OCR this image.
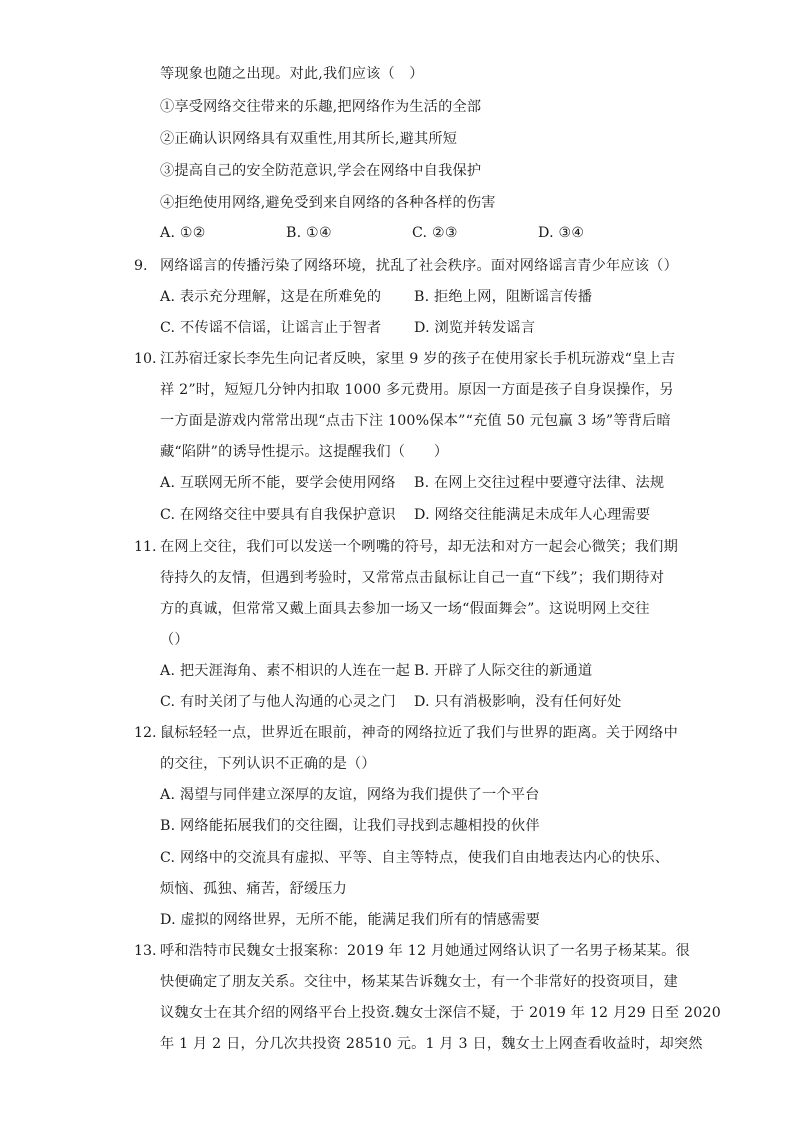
等现象也随之出现。对此,我们应该（　）
①享受网络交往带来的乐趣,把网络作为生活的全部
②正确认识网络具有双重性,用其所长,避其所短
③提高自己的安全防范意识,学会在网络中自我保护
④拒绝使用网络,避免受到来自网络的各种各样的伤害
A. ①②	B. ①④	C. ②③	D. ③④
9. 网络谣言的传播污染了网络环境，扰乱了社会秩序。面对网络谣言青少年应该（）
A. 表示充分理解，这是在所难免的 B. 拒绝上网，阻断谣言传播
C. 不传谣不信谣，让谣言止于智者 D. 浏览并转发谣言
10. 江苏宿迁家长李先生向记者反映，家里 9 岁的孩子在使用家长手机玩游戏“皇上吉
祥 2”时，短短几分钟内扣取 1000 多元费用。原因一方面是孩子自身误操作，另
一方面是游戏内常常出现“点击下注 100%保本”“充值 50 元包赢 3 场”等背后暗
藏“陷阱”的诱导性提示。这提醒我们（　　）
A. 互联网无所不能，要学会使用网络 B. 在网上交往过程中要遵守法律、法规
C. 在网络交往中要具有自我保护意识 D. 网络交往能满足未成年人心理需要
11. 在网上交往，我们可以发送一个咧嘴的符号，却无法和对方一起会心微笑；我们期
待持久的友情，但遇到考验时，又常常点击鼠标让自己一直“下线”；我们期待对
方的真诚，但常常又戴上面具去参加一场又一场“假面舞会”。这说明网上交往
（）
A. 把天涯海角、素不相识的人连在一起 B. 开辟了人际交往的新通道
C. 有时关闭了与他人沟通的心灵之门 D. 只有消极影响，没有任何好处
12. 鼠标轻轻一点，世界近在眼前，神奇的网络拉近了我们与世界的距离。关于网络中
的交往，下列认识不正确的是（）
A. 渴望与同伴建立深厚的友谊，网络为我们提供了一个平台
B. 网络能拓展我们的交往圈，让我们寻找到志趣相投的伙伴
C. 网络中的交流具有虚拟、平等、自主等特点，使我们自由地表达内心的快乐、
烦恼、孤独、痛苦，舒缓压力
D. 虚拟的网络世界，无所不能，能满足我们所有的情感需要
13. 呼和浩特市民魏女士报案称：2019 年 12 月她通过网络认识了一名男子杨某某。很
快便确定了朋友关系。交往中，杨某某告诉魏女士，有一个非常好的投资项目，建
议魏女士在其介绍的网络平台上投资.魏女士深信不疑，于 2019 年 12 月29 日至 2020
年 1 月 2 日，分几次共投资 28510 元。1 月 3 日，魏女士上网查看收益时，却突然
